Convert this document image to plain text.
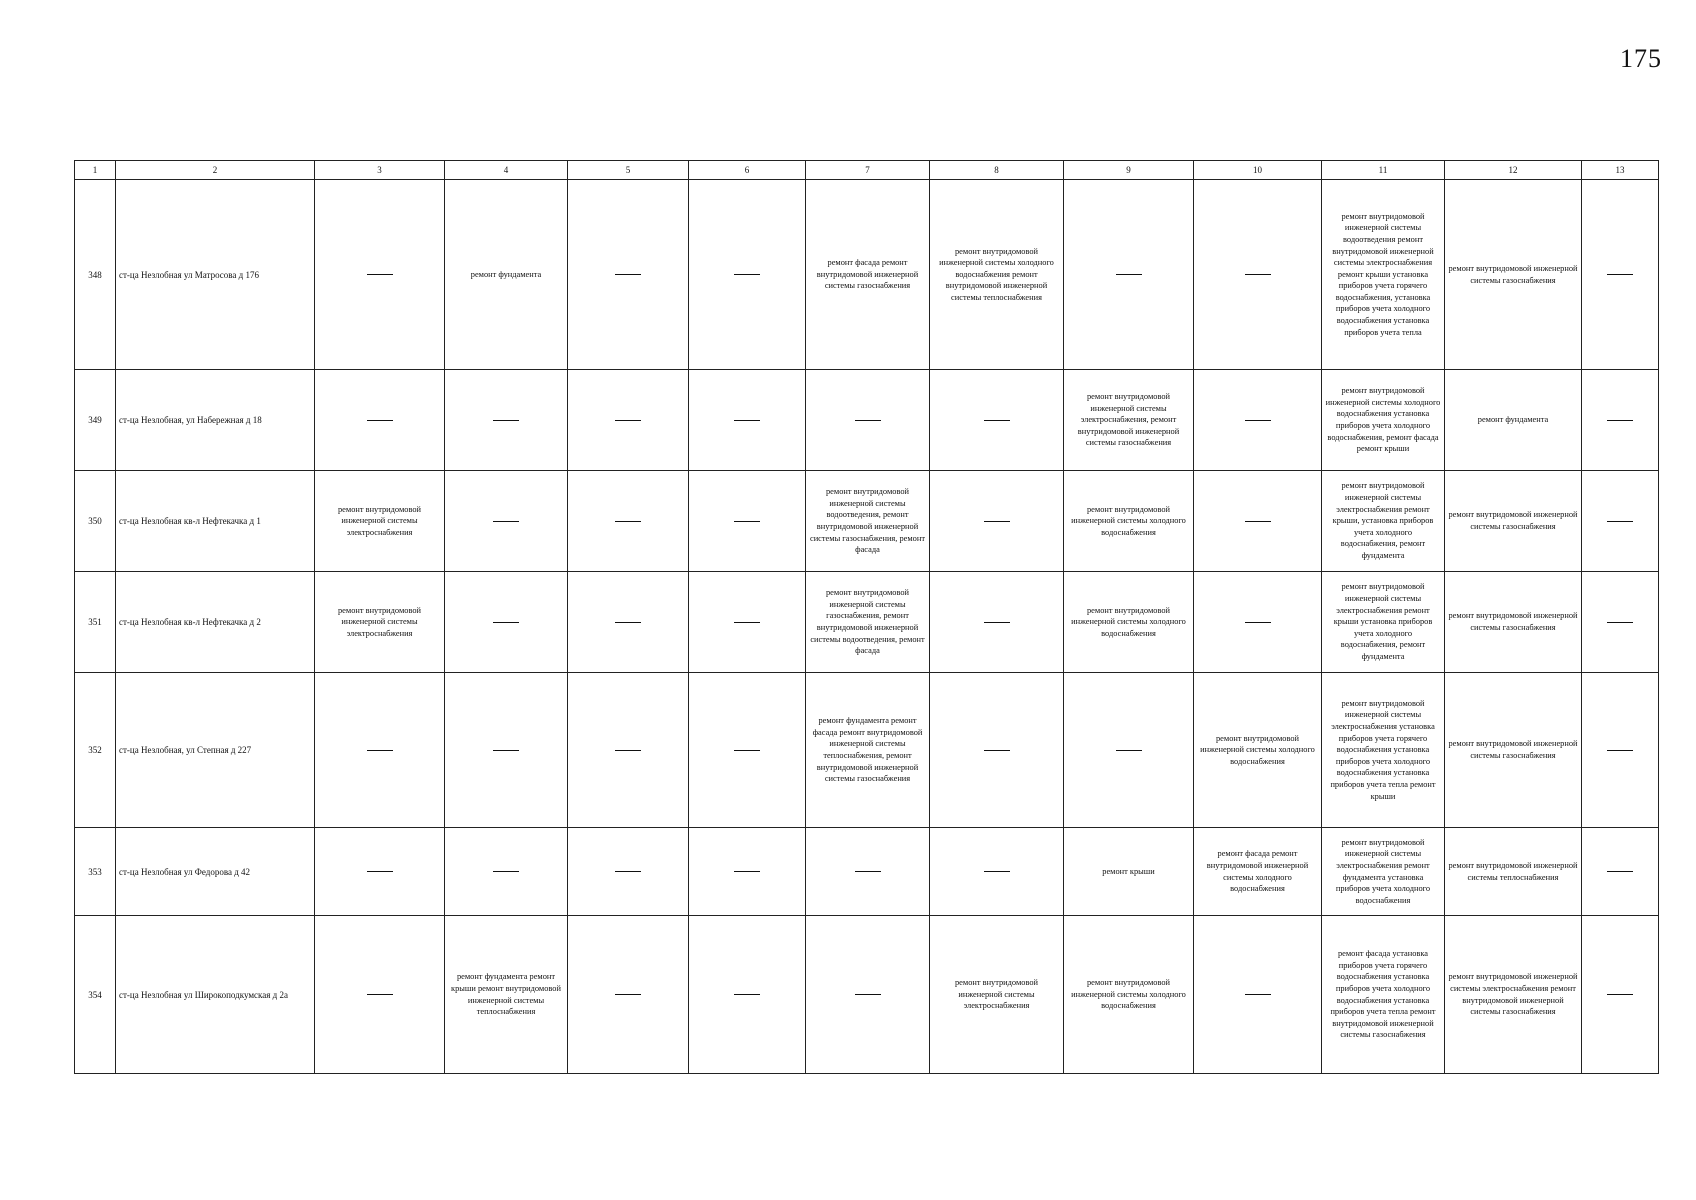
175
1	2	3	4	5	6	7	8	9	10	11	12	13
348	ст-ца Незлобная ул Матросова д 176		ремонт фундамента			ремонт фасада ремонт внутридомовой инженерной системы газоснабжения	ремонт внутридомовой инженерной системы холодного водоснабжения ремонт внутридомовой инженерной системы теплоснабжения			ремонт внутридомовой инженерной системы водоотведения ремонт внутридомовой инженерной системы электроснабжения ремонт крыши установка приборов учета горячего водоснабжения, установка приборов учета холодного водоснабжения установка приборов учета тепла	ремонт внутридомовой инженерной системы газоснабжения	
349	ст-ца Незлобная, ул Набережная д 18							ремонт внутридомовой инженерной системы электроснабжения, ремонт внутридомовой инженерной системы газоснабжения		ремонт внутридомовой инженерной системы холодного водоснабжения установка приборов учета холодного водоснабжения, ремонт фасада ремонт крыши	ремонт фундамента	
350	ст-ца Незлобная кв-л Нефтекачка д 1	ремонт внутридомовой инженерной системы электроснабжения				ремонт внутридомовой инженерной системы водоотведения, ремонт внутридомовой инженерной системы газоснабжения, ремонт фасада		ремонт внутридомовой инженерной системы холодного водоснабжения		ремонт внутридомовой инженерной системы электроснабжения ремонт крыши, установка приборов учета холодного водоснабжения, ремонт фундамента	ремонт внутридомовой инженерной системы газоснабжения	
351	ст-ца Незлобная кв-л Нефтекачка д 2	ремонт внутридомовой инженерной системы электроснабжения				ремонт внутридомовой инженерной системы газоснабжения, ремонт внутридомовой инженерной системы водоотведения, ремонт фасада		ремонт внутридомовой инженерной системы холодного водоснабжения		ремонт внутридомовой инженерной системы электроснабжения ремонт крыши установка приборов учета холодного водоснабжения, ремонт фундамента	ремонт внутридомовой инженерной системы газоснабжения	
352	ст-ца Незлобная, ул Степная д 227					ремонт фундамента ремонт фасада ремонт внутридомовой инженерной системы теплоснабжения, ремонт внутридомовой инженерной системы газоснабжения			ремонт внутридомовой инженерной системы холодного водоснабжения	ремонт внутридомовой инженерной системы электроснабжения установка приборов учета горячего водоснабжения установка приборов учета холодного водоснабжения установка приборов учета тепла ремонт крыши	ремонт внутридомовой инженерной системы газоснабжения	
353	ст-ца Незлобная ул Федорова д 42							ремонт крыши	ремонт фасада ремонт внутридомовой инженерной системы холодного водоснабжения	ремонт внутридомовой инженерной системы электроснабжения ремонт фундамента установка приборов учета холодного водоснабжения	ремонт внутридомовой инженерной системы теплоснабжения	
354	ст-ца Незлобная ул Широкоподкумская д 2а		ремонт фундамента ремонт крыши ремонт внутридомовой инженерной системы теплоснабжения				ремонт внутридомовой инженерной системы электроснабжения	ремонт внутридомовой инженерной системы холодного водоснабжения		ремонт фасада установка приборов учета горячего водоснабжения установка приборов учета холодного водоснабжения установка приборов учета тепла ремонт внутридомовой инженерной системы газоснабжения	ремонт внутридомовой инженерной системы электроснабжения ремонт внутридомовой инженерной системы газоснабжения	
